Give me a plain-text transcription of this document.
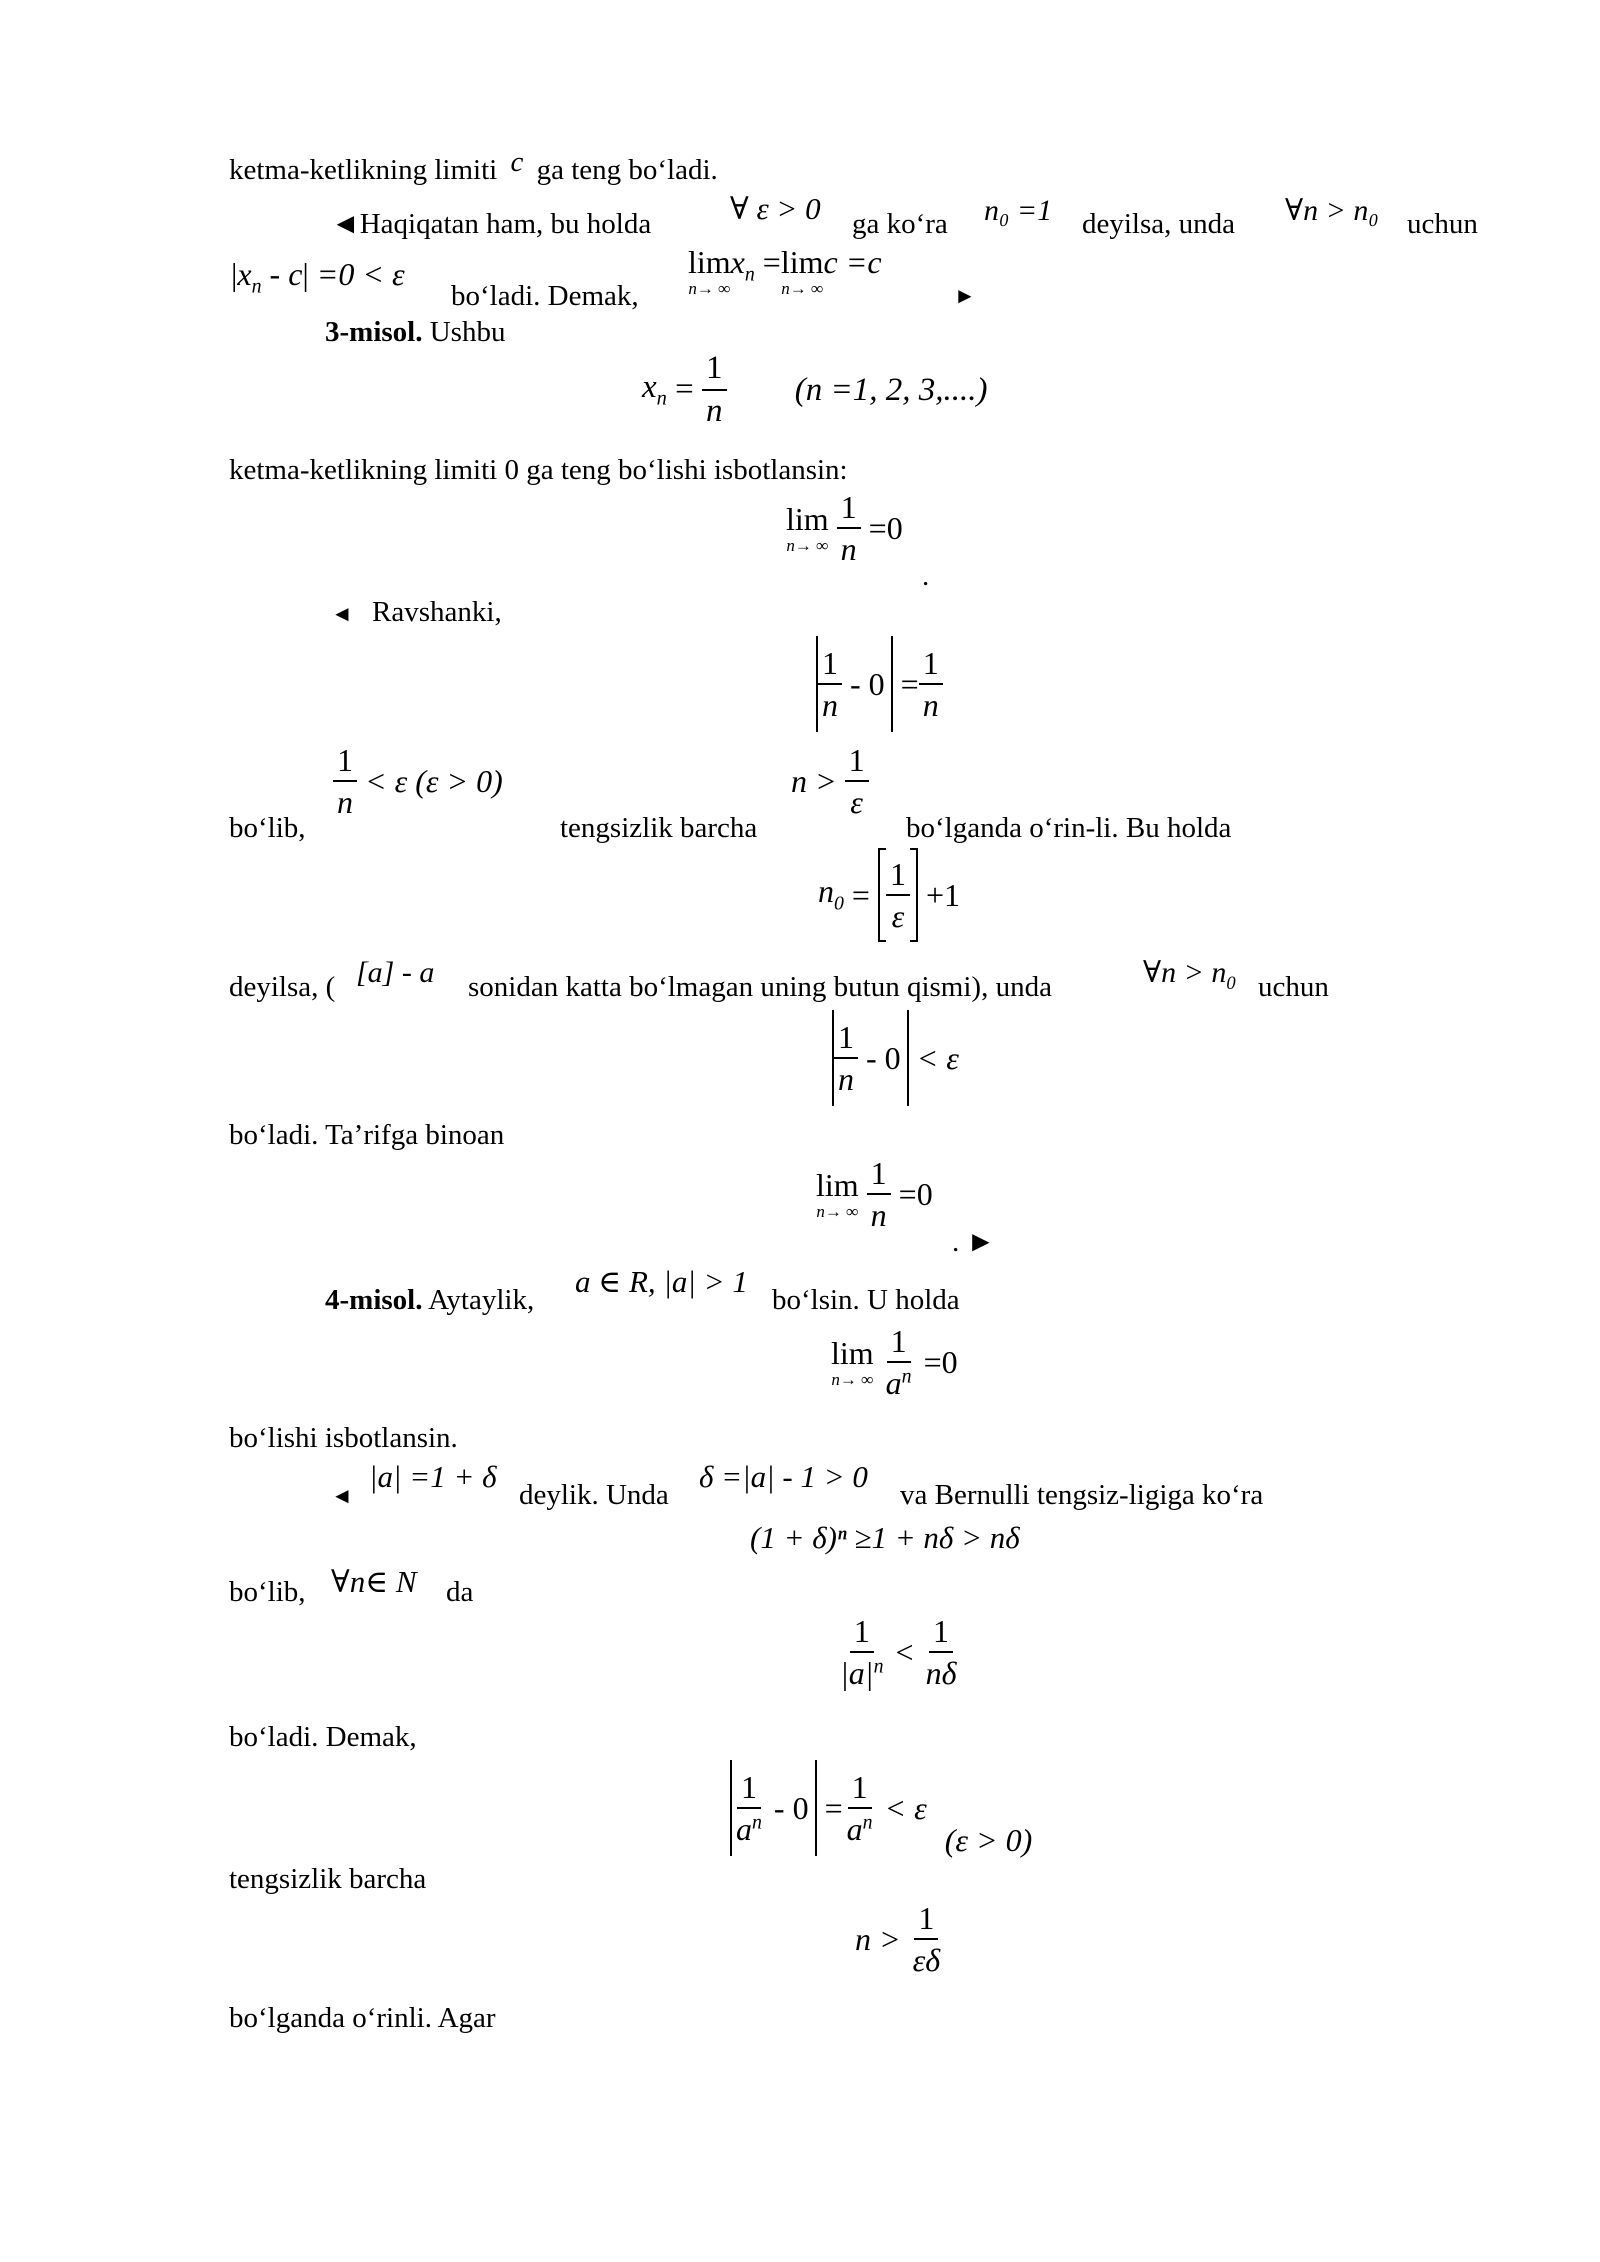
ketma-ketlikning limiti c ga teng bo‘ladi.
◄Haqiqatan ham, bu holda	∀ ε > 0 ga ko‘ra n₀ =1 deyilsa, unda ∀n > n₀ uchun
$|x_n - c| =0 < \varepsilon$
bo‘ladi. Demak,
lim
n→ ∞
$x_n = \lim$
n→ ∞
c =c
►
3-misol. Ushbu
$x_n = \frac{1}{n} (n =1$, 2, 3,....)
ketma-ketlikning limiti 0 ga teng bo‘lishi isbotlansin:
lim
n→ ∞
$\frac{1}{n} =0$
.
◄ Ravshanki,
$\frac{1}{n} - 0 = \frac{1}{n}$
$\frac{1}{n} < \varepsilon$ (ε > 0)
bo‘lib,	tengsizlik barcha
$n > \frac{1}{\varepsilon}$
bo‘lganda o‘rin-li. Bu holda
$n_0 = \frac{1}{\varepsilon} +1$
deyilsa, ( [a] - a sonidan katta bo‘lmagan uning butun qismi), unda	∀n > $n_0$ uchun
$\frac{1}{n} - 0 < \varepsilon$
bo‘ladi. Ta’rifga binoan
lim
n→ ∞
$\frac{1}{n} =0$
. ►
4-misol. Aytaylik,
a ∈ R, |a| > 1
bo‘lsin. U holda
lim
n→ ∞
$\frac{1}{a^n} =0$
bo‘lishi isbotlansin.
◄
|a| =1 + δ
deylik. Unda
δ =|a| - 1 > 0
va Bernulli tengsiz-ligiga ko‘ra
(1 + δ)ⁿ ≥1 + nδ > nδ
bo‘lib, ∀n∈ N da
$\frac{1}{|a|^n} < \frac{1}{n\delta}$
bo‘ladi. Demak,
$\frac{1}{a^n} - 0 = \frac{1}{a^n} < \varepsilon$ (ε > 0)
tengsizlik barcha
$n > \frac{1}{\varepsilon\delta}$
bo‘lganda o‘rinli. Agar
